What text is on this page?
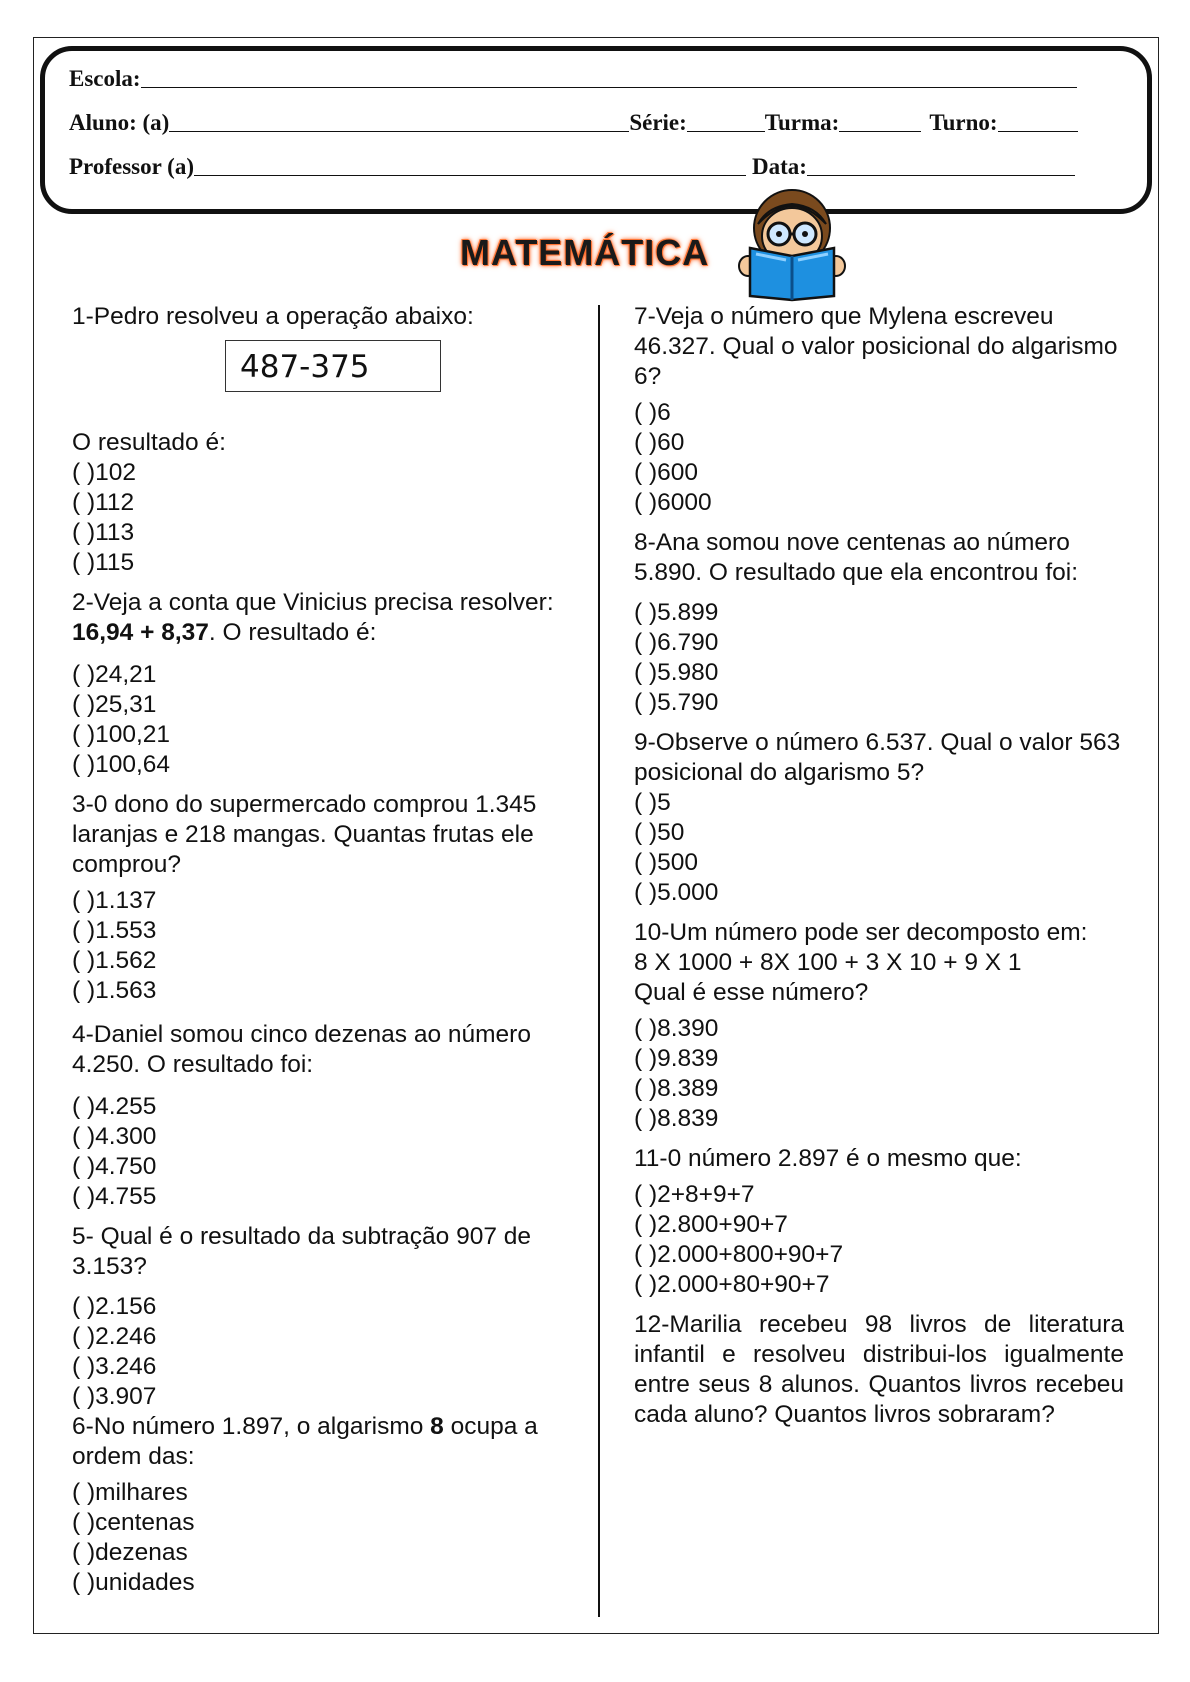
Escola:
Aluno: (a)	Série:	Turma:	Turno:
Professor (a)	Data:
MATEMÁTICA
1-Pedro resolveu a operação abaixo:
487-375
O resultado é:
( )102
( )112
( )113
( )115
2-Veja a conta que Vinicius precisa resolver: 16,94 + 8,37. O resultado é:
( )24,21
( )25,31
( )100,21
( )100,64
3-0 dono do supermercado comprou 1.345 laranjas e 218 mangas. Quantas frutas ele comprou?
( )1.137
( )1.553
( )1.562
( )1.563
4-Daniel somou cinco dezenas ao número 4.250. O resultado foi:
( )4.255
( )4.300
( )4.750
( )4.755
5- Qual é o resultado da subtração 907 de 3.153?
( )2.156
( )2.246
( )3.246
( )3.907
6-No número 1.897, o algarismo 8 ocupa a ordem das:
( )milhares
( )centenas
( )dezenas
( )unidades
7-Veja o número que Mylena escreveu 46.327. Qual o valor posicional do algarismo 6?
( )6
( )60
( )600
( )6000
8-Ana somou nove centenas ao número 5.890. O resultado que ela encontrou foi:
( )5.899
( )6.790
( )5.980
( )5.790
9-Observe o número 6.537. Qual o valor 563 posicional do algarismo 5?
( )5
( )50
( )500
( )5.000
10-Um número pode ser decomposto em:
8 X 1000 + 8X 100 + 3 X 10 + 9 X 1
Qual é esse número?
( )8.390
( )9.839
( )8.389
( )8.839
11-0 número 2.897 é o mesmo que:
( )2+8+9+7
( )2.800+90+7
( )2.000+800+90+7
( )2.000+80+90+7
12-Marilia recebeu 98 livros de literatura infantil e resolveu distribui-los igualmente entre seus 8 alunos. Quantos livros recebeu cada aluno? Quantos livros sobraram?
